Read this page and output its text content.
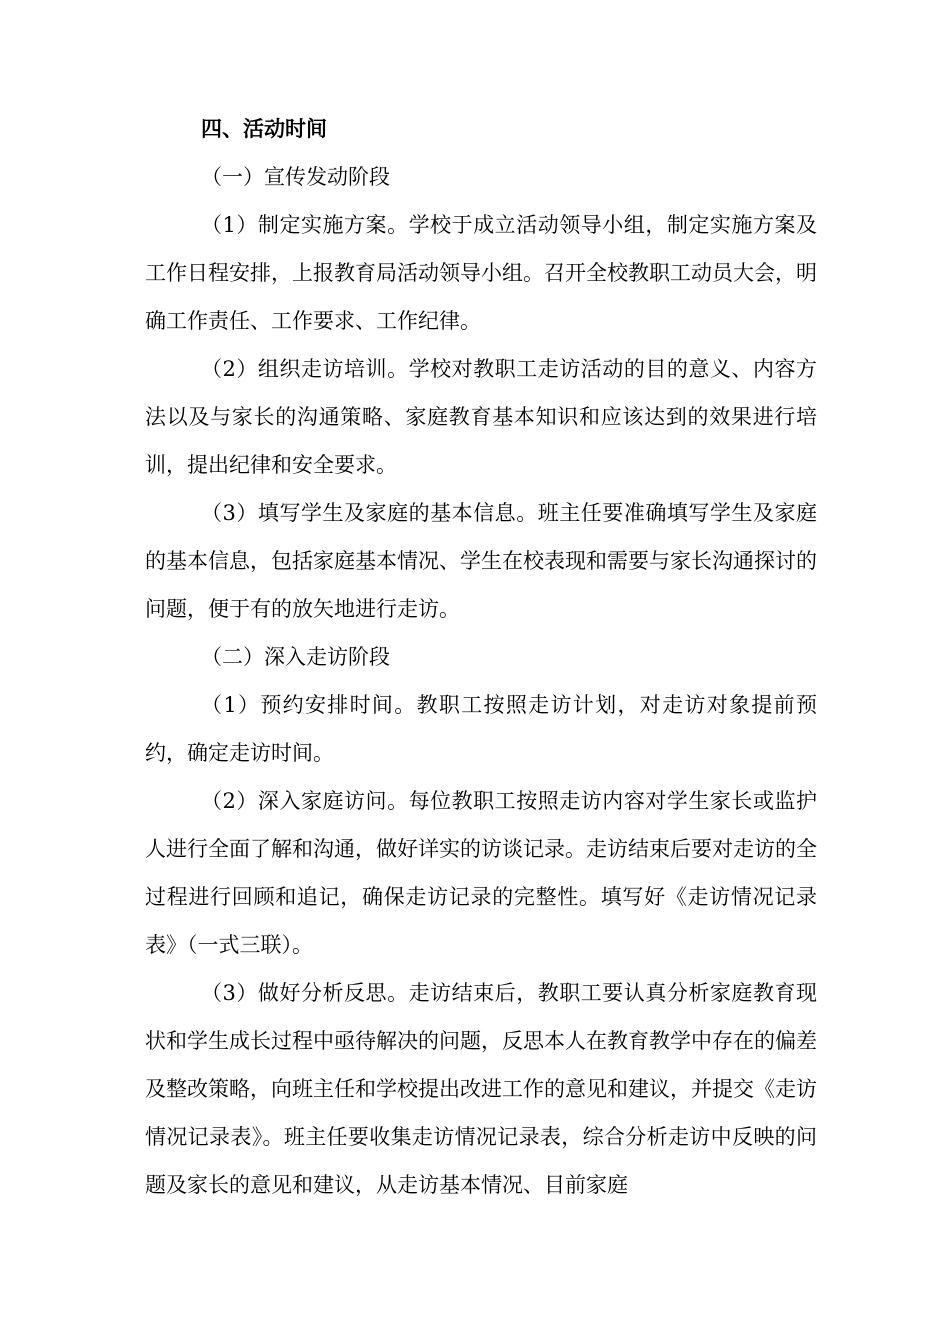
四、活动时间

（一）宣传发动阶段

（1）制定实施方案。学校于成立活动领导小组，制定实施方案及工作日程安排，上报教育局活动领导小组。召开全校教职工动员大会，明确工作责任、工作要求、工作纪律。

（2）组织走访培训。学校对教职工走访活动的目的意义、内容方法以及与家长的沟通策略、家庭教育基本知识和应该达到的效果进行培训，提出纪律和安全要求。

（3）填写学生及家庭的基本信息。班主任要准确填写学生及家庭的基本信息，包括家庭基本情况、学生在校表现和需要与家长沟通探讨的问题，便于有的放矢地进行走访。

（二）深入走访阶段

（1）预约安排时间。教职工按照走访计划，对走访对象提前预约，确定走访时间。

（2）深入家庭访问。每位教职工按照走访内容对学生家长或监护人进行全面了解和沟通，做好详实的访谈记录。走访结束后要对走访的全过程进行回顾和追记，确保走访记录的完整性。填写好《走访情况记录表》（一式三联）。

（3）做好分析反思。走访结束后，教职工要认真分析家庭教育现状和学生成长过程中亟待解决的问题，反思本人在教育教学中存在的偏差及整改策略，向班主任和学校提出改进工作的意见和建议，并提交《走访情况记录表》。班主任要收集走访情况记录表，综合分析走访中反映的问题及家长的意见和建议，从走访基本情况、目前家庭
